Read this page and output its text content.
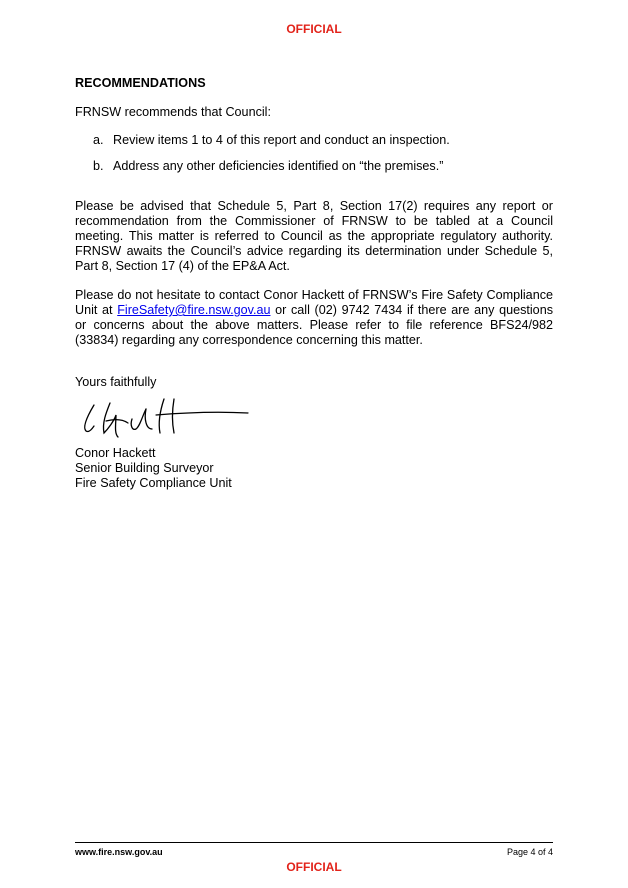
OFFICIAL
RECOMMENDATIONS
FRNSW recommends that Council:
a. Review items 1 to 4 of this report and conduct an inspection.
b. Address any other deficiencies identified on “the premises.”
Please be advised that Schedule 5, Part 8, Section 17(2) requires any report or recommendation from the Commissioner of FRNSW to be tabled at a Council meeting. This matter is referred to Council as the appropriate regulatory authority. FRNSW awaits the Council’s advice regarding its determination under Schedule 5, Part 8, Section 17 (4) of the EP&A Act.
Please do not hesitate to contact Conor Hackett of FRNSW’s Fire Safety Compliance Unit at FireSafety@fire.nsw.gov.au or call (02) 9742 7434 if there are any questions or concerns about the above matters. Please refer to file reference BFS24/982 (33834) regarding any correspondence concerning this matter.
Yours faithfully
Conor Hackett
Senior Building Surveyor
Fire Safety Compliance Unit
www.fire.nsw.gov.au	Page 4 of 4
OFFICIAL
